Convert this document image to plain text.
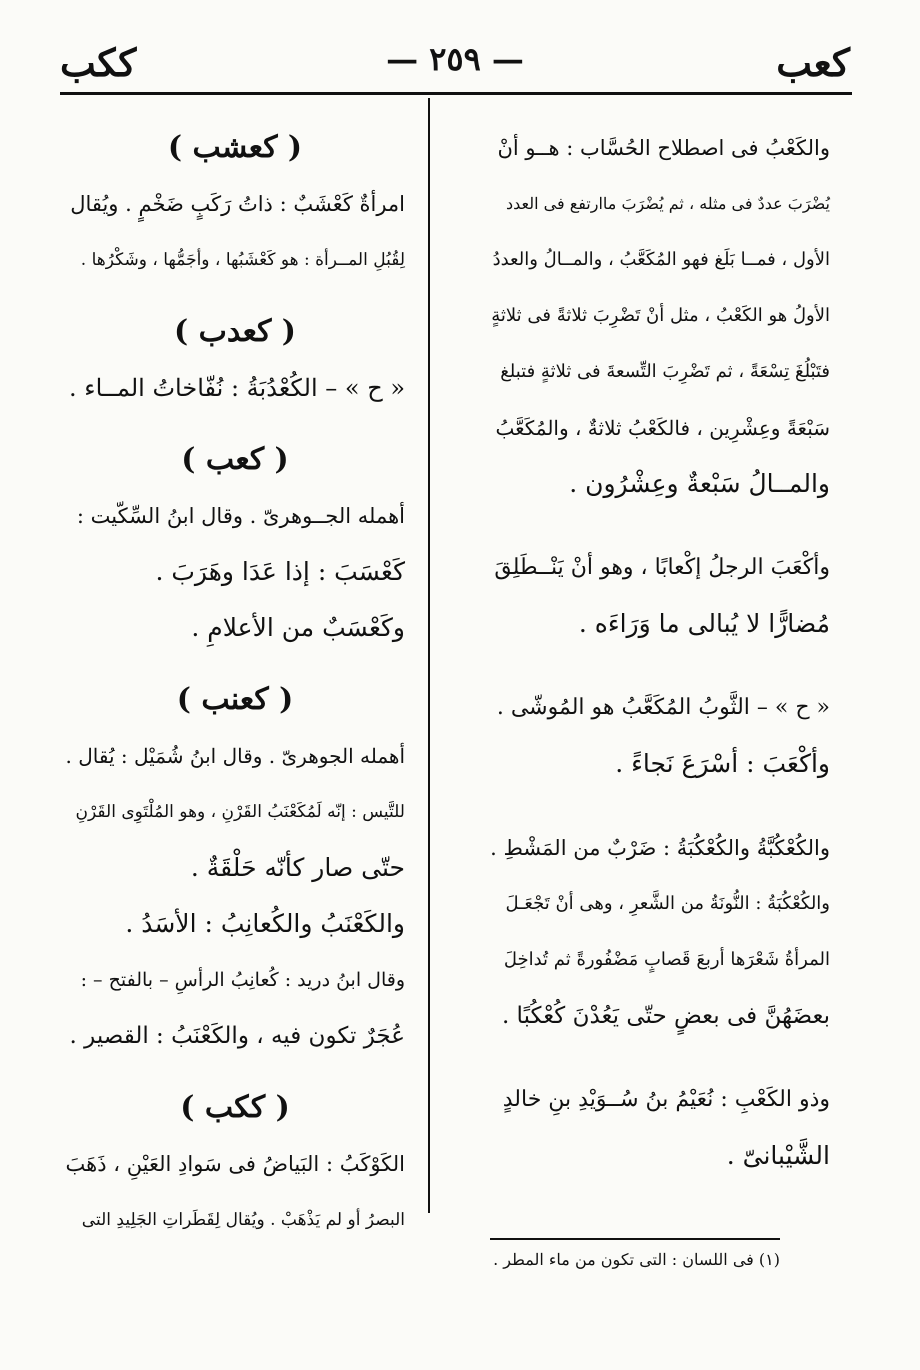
كعب
— ٢٥٩ —
ككب
والكَعْبُ فى اصطلاح الحُسَّاب : هــو أنْ
يُضْرَبَ عددٌ فى مثله ، ثم يُضْرَبَ ماارتفع فى العدد
الأول ، فمــا بَلَغ فهو المُكَعَّبُ ، والمــالُ والعددُ
الأولُ هو الكَعْبُ ، مثل أنْ تَضْرِبَ ثلاثةً فى ثلاثةٍ
فتَبْلُغَ تِسْعَةً ، ثم تَضْرِبَ التِّسعةَ فى ثلاثةٍ فتبلغ
سَبْعَةً وعِشْرِين ، فالكَعْبُ ثلاثةٌ ، والمُكَعَّبُ
والمــالُ سَبْعةٌ وعِشْرُون .
وأكْعَبَ الرجلُ إكْعابًا ، وهو أنْ يَنْــطَلِقَ
مُضارًّا لا يُبالى ما وَرَاءَه .
« ح » – الثَّوبُ المُكَعَّبُ هو المُوشّى .
وأكْعَبَ : أسْرَعَ نَجاءً .
والكُعْكُبَّةُ والكُعْكُبَةُ : ضَرْبٌ من المَشْطِ .
والكُعْكُبَةُ : النُّونَةُ من الشَّعرِ ، وهى أنْ تَجْعَـلَ
المرأةُ شَعْرَها أربعَ قَصابٍ مَضْفُورةً ثم تُداخِلَ
بعضَهُنَّ فى بعضٍ حتّى يَعُدْنَ كُعْكُبًا .
وذو الكَعْبِ : نُعَيْمُ بنُ سُــوَيْدِ بنِ خالدٍ
الشَّيْبانىّ .
( كعشب )
امرأةٌ كَعْشَبٌ : ذاتُ رَكَبٍ ضَخْمٍ . ويُقال
لِقُبُلِ المــرأة : هو كَعْشَبُها ، وأجَمُّها ، وشَكْرُها .
( كعدب )
« ح » – الكُعْدُبَةُ : نُفّاخاتُ المــاء .
( كعب )
أهمله الجــوهرىّ . وقال ابنُ السِّكّيت :
كَعْسَبَ : إذا عَدَا وهَرَبَ .
وكَعْسَبٌ من الأعلامِ .
( كعنب )
أهمله الجوهرىّ . وقال ابنُ شُمَيْل : يُقال .
للتَّيس : إنّه لَمُكَعْنَبُ القَرْنِ ، وهو المُلْتَوِى القَرْنِ
حتّى صار كأنّه حَلْقَةٌ .
والكَعْنَبُ والكُعانِبُ : الأسَدُ .
وقال ابنُ دريد : كُعانِبُ الرأسِ – بالفتح – :
عُجَرٌ تكون فيه ، والكَعْنَبُ : القصير .
( ككب )
الكَوْكَبُ : البَياضُ فى سَوادِ العَيْنِ ، ذَهَبَ
البصرُ أو لم يَذْهَبْ . ويُقال لِقَطَراتِ الجَلِيدِ التى
(١) فى اللسان : التى تكون من ماء المطر .
